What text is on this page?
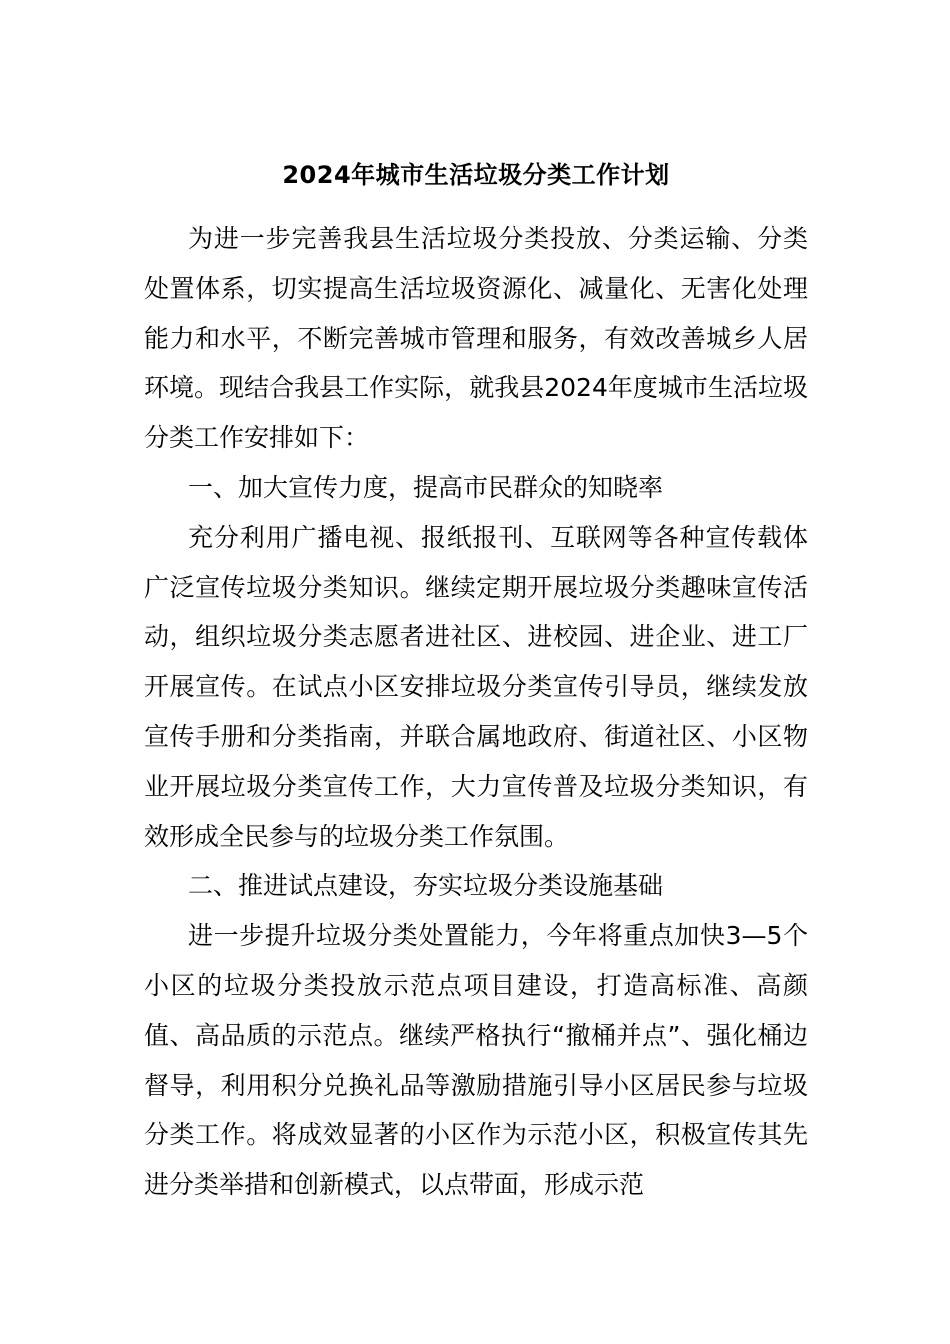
2024年城市生活垃圾分类工作计划

为进一步完善我县生活垃圾分类投放、分类运输、分类处置体系，切实提高生活垃圾资源化、减量化、无害化处理能力和水平，不断完善城市管理和服务，有效改善城乡人居环境。现结合我县工作实际，就我县2024年度城市生活垃圾分类工作安排如下：

一、加大宣传力度，提高市民群众的知晓率

充分利用广播电视、报纸报刊、互联网等各种宣传载体广泛宣传垃圾分类知识。继续定期开展垃圾分类趣味宣传活动，组织垃圾分类志愿者进社区、进校园、进企业、进工厂开展宣传。在试点小区安排垃圾分类宣传引导员，继续发放宣传手册和分类指南，并联合属地政府、街道社区、小区物业开展垃圾分类宣传工作，大力宣传普及垃圾分类知识，有效形成全民参与的垃圾分类工作氛围。

二、推进试点建设，夯实垃圾分类设施基础

进一步提升垃圾分类处置能力，今年将重点加快3—5个小区的垃圾分类投放示范点项目建设，打造高标准、高颜值、高品质的示范点。继续严格执行“撤桶并点”、强化桶边督导，利用积分兑换礼品等激励措施引导小区居民参与垃圾分类工作。将成效显著的小区作为示范小区，积极宣传其先进分类举措和创新模式，以点带面，形成示范
